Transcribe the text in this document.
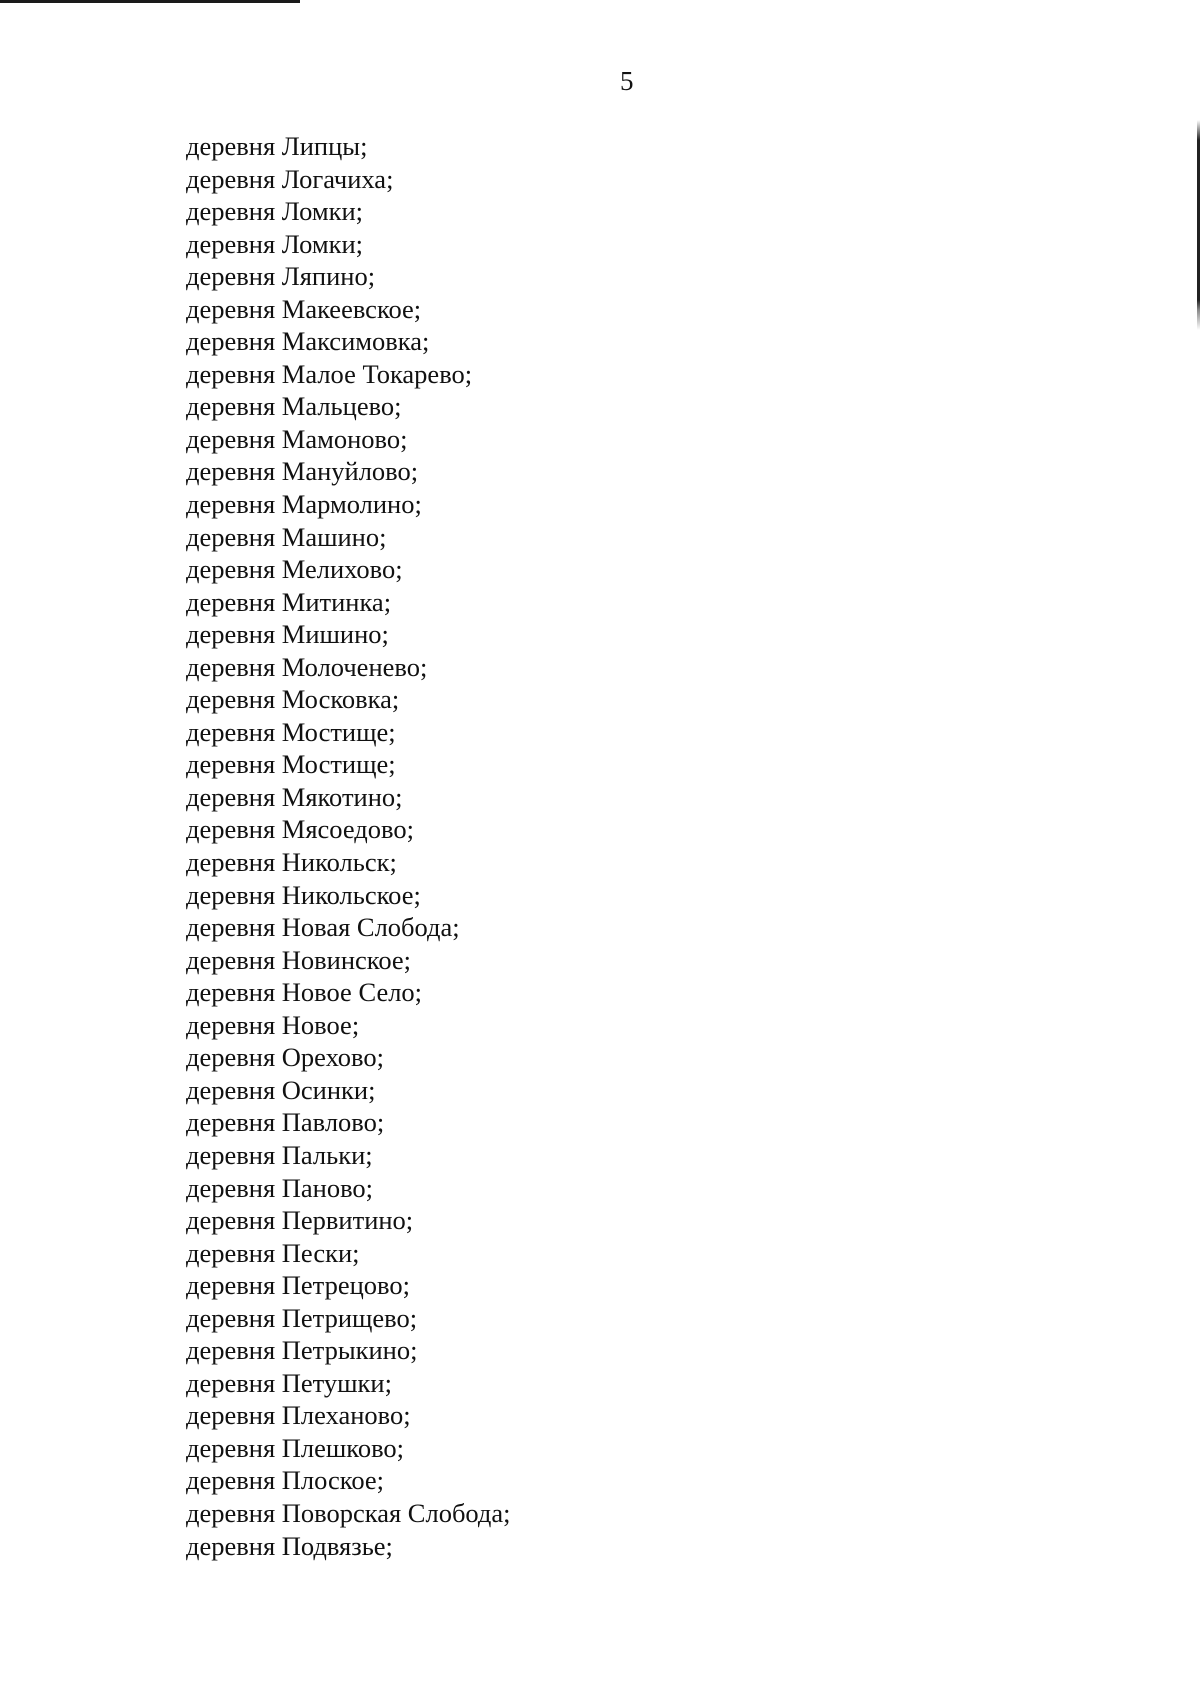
5
деревня Липцы;
деревня Логачиха;
деревня Ломки;
деревня Ломки;
деревня Ляпино;
деревня Макеевское;
деревня Максимовка;
деревня Малое Токарево;
деревня Мальцево;
деревня Мамоново;
деревня Мануйлово;
деревня Мармолино;
деревня Машино;
деревня Мелихово;
деревня Митинка;
деревня Мишино;
деревня Молоченево;
деревня Московка;
деревня Мостище;
деревня Мостище;
деревня Мякотино;
деревня Мясоедово;
деревня Никольск;
деревня Никольское;
деревня Новая Слобода;
деревня Новинское;
деревня Новое Село;
деревня Новое;
деревня Орехово;
деревня Осинки;
деревня Павлово;
деревня Пальки;
деревня Паново;
деревня Первитино;
деревня Пески;
деревня Петрецово;
деревня Петрищево;
деревня Петрыкино;
деревня Петушки;
деревня Плеханово;
деревня Плешково;
деревня Плоское;
деревня Поворская Слобода;
деревня Подвязье;
